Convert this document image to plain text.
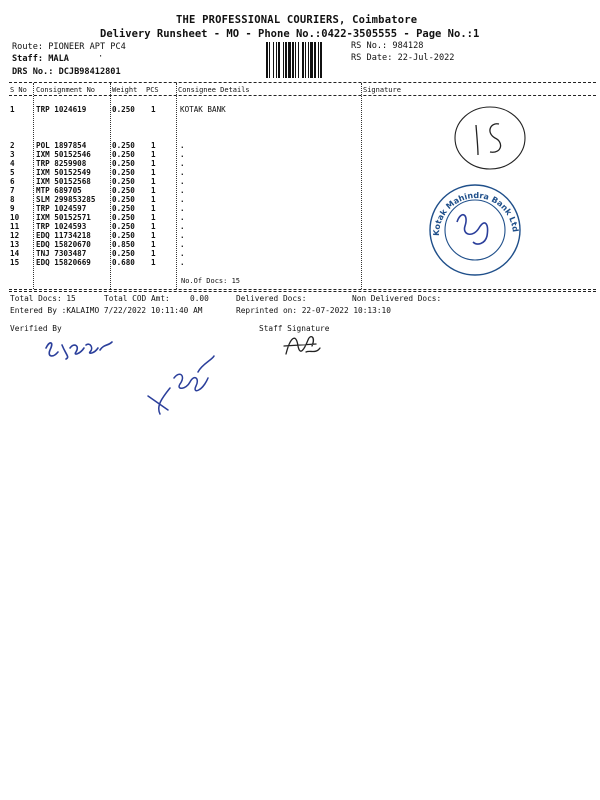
THE PROFESSIONAL COURIERS, Coimbatore
Delivery Runsheet - MO - Phone No.:0422-3505555 - Page No.:1
Route: PIONEER APT PC4
Staff: MALA	·
DRS No.: DCJB98412801
RS No.: 984128
RS Date: 22-Jul-2022
S No Consignment No Weight PCS	Consignee Details	Signature
1	TRP 1024619	0.250 1	KOTAK BANK
2	POL 1897854	0.250 1	.
3	IXM 50152546	0.250 1	.
4	TRP 8259908	0.250 1	.
5	IXM 50152549	0.250 1	.
6	IXM 50152568	0.250 1	.
7	MTP 689705	0.250 1	.
8	SLM 299853285 0.250 1	.
9	TRP 1024597	0.250 1	.
10 IXM 50152571	0.250 1	.
11 TRP 1024593	0.250 1	.
12 EDQ 11734218	0.250 1	.
13 EDQ 15820670	0.850 1	.
14 TNJ 7303487	0.250 1	.
15 EDQ 15820669	0.680 1	.
No.Of Docs: 15
Total Docs: 15	Total COD Amt:	0.00	Delivered Docs:	Non Delivered Docs:
Entered By :KALAIMO 7/22/2022 10:11:40 AM	Reprinted on: 22-07-2022 10:13:10
Verified By	Staff Signature
Kotak Mahindra Bank Ltd
